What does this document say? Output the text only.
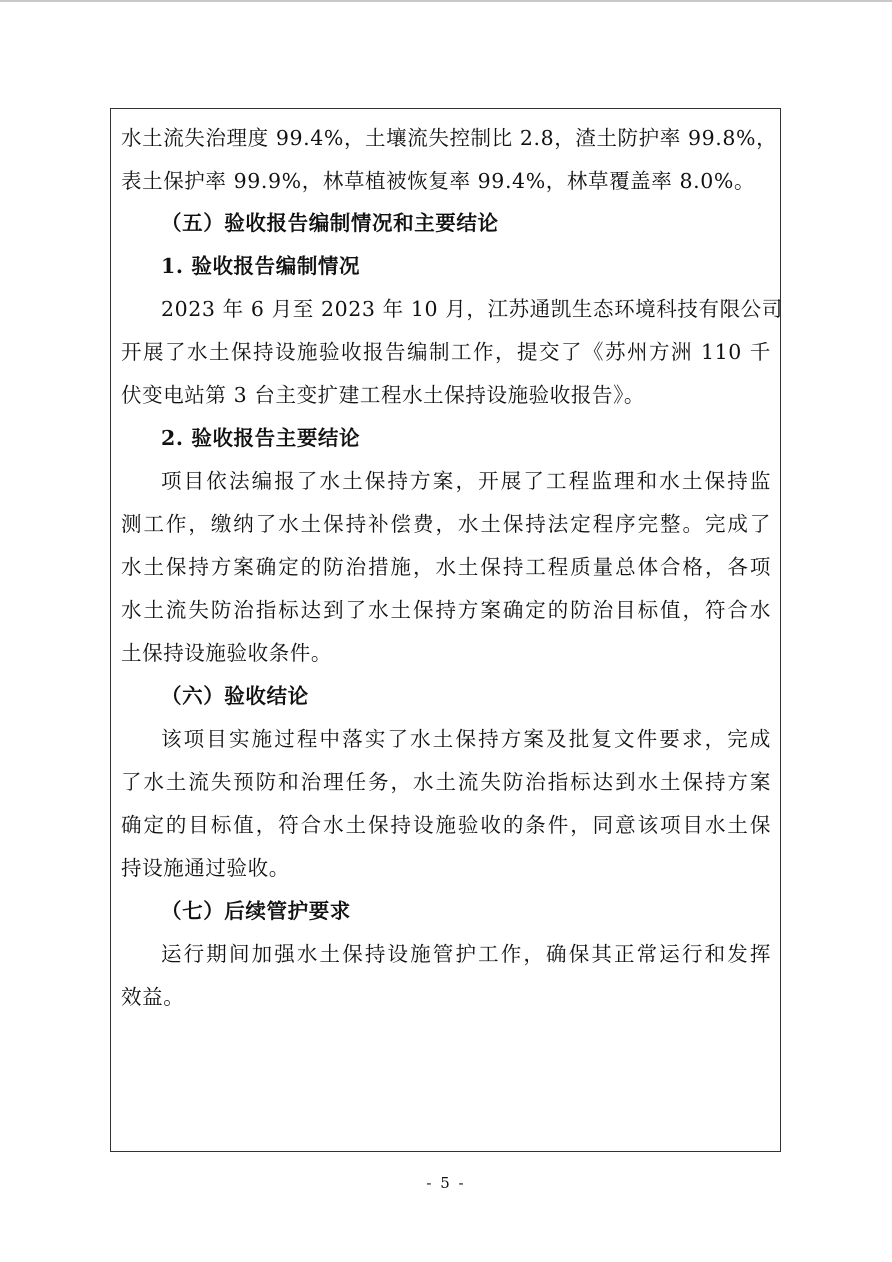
水土流失治理度 99.4%，土壤流失控制比 2.8，渣土防护率 99.8%，
表土保护率 99.9%，林草植被恢复率 99.4%，林草覆盖率 8.0%。
（五）验收报告编制情况和主要结论
1. 验收报告编制情况
2023 年 6 月至 2023 年 10 月，江苏通凯生态环境科技有限公司
开展了水土保持设施验收报告编制工作，提交了《苏州方洲 110 千
伏变电站第 3 台主变扩建工程水土保持设施验收报告》。
2. 验收报告主要结论
项目依法编报了水土保持方案，开展了工程监理和水土保持监
测工作，缴纳了水土保持补偿费，水土保持法定程序完整。完成了
水土保持方案确定的防治措施，水土保持工程质量总体合格，各项
水土流失防治指标达到了水土保持方案确定的防治目标值，符合水
土保持设施验收条件。
（六）验收结论
该项目实施过程中落实了水土保持方案及批复文件要求，完成
了水土流失预防和治理任务，水土流失防治指标达到水土保持方案
确定的目标值，符合水土保持设施验收的条件，同意该项目水土保
持设施通过验收。
（七）后续管护要求
运行期间加强水土保持设施管护工作，确保其正常运行和发挥
效益。
- 5 -
